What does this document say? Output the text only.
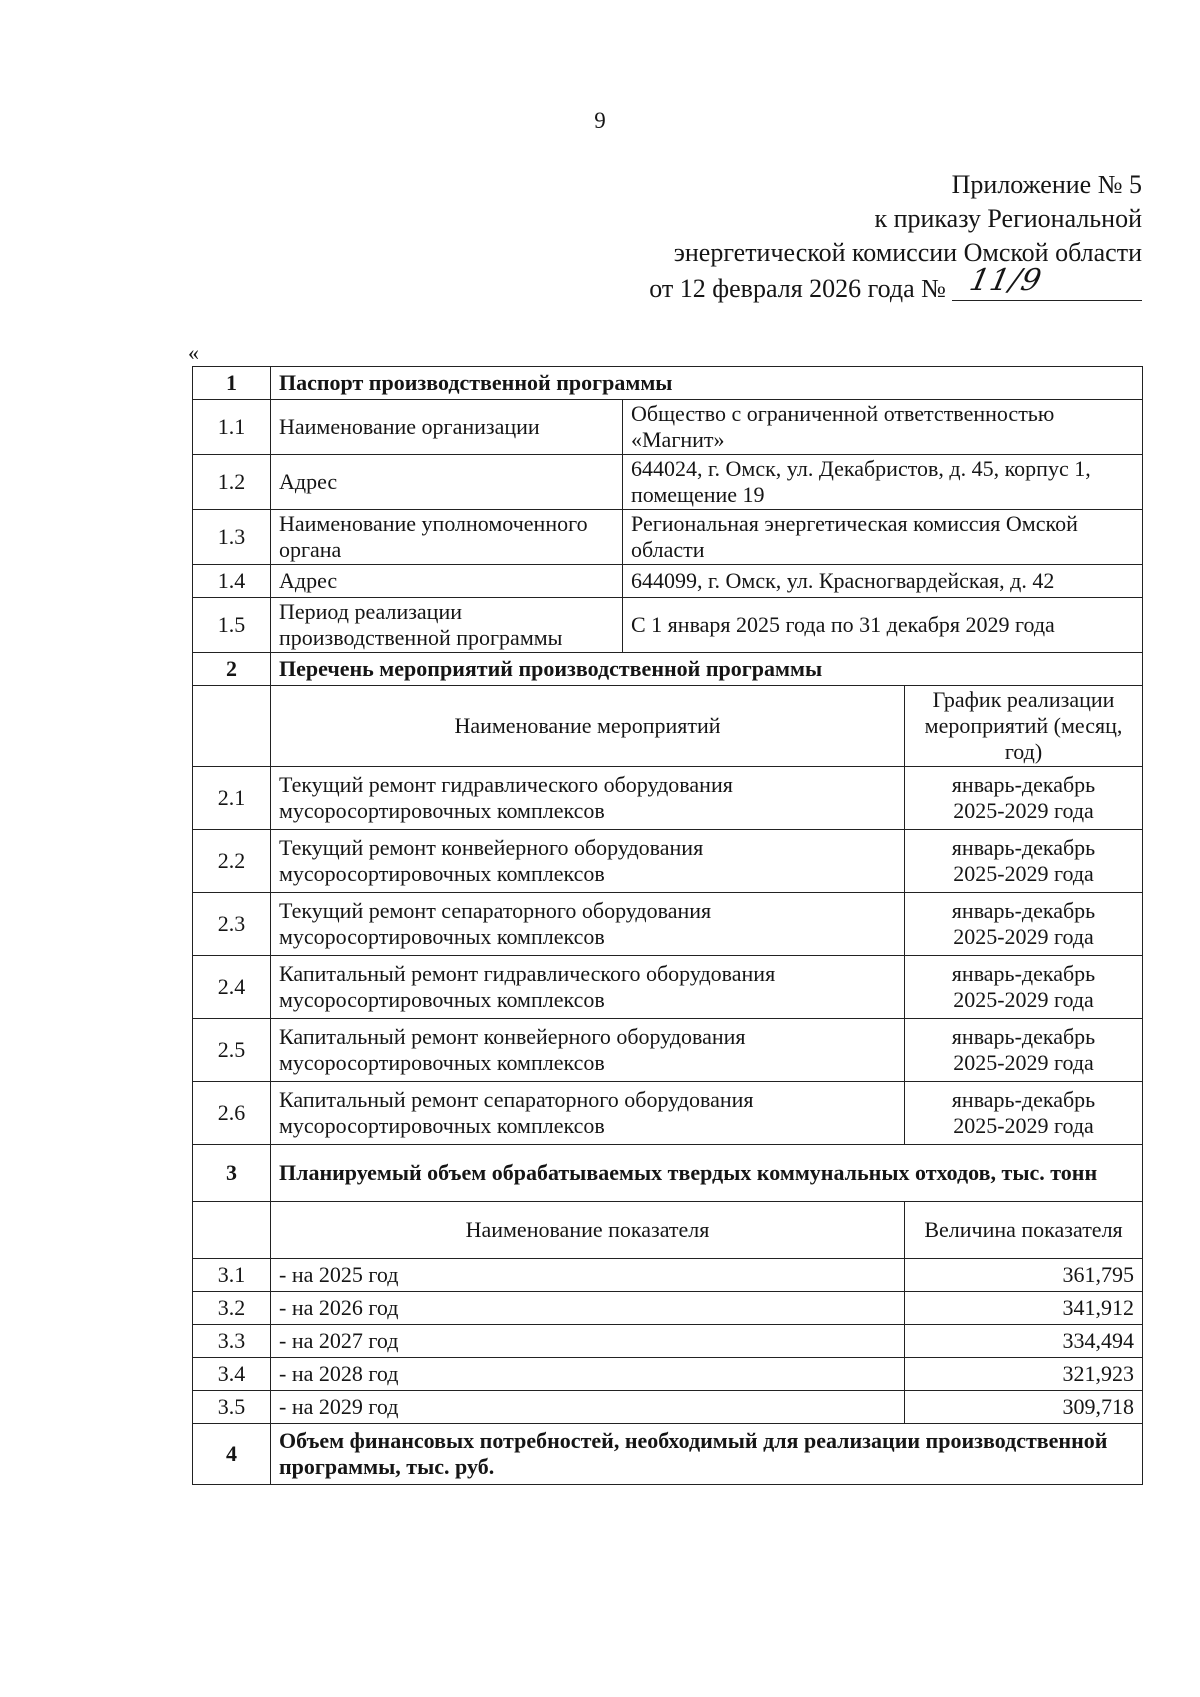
9
Приложение № 5
к приказу Региональной
энергетической комиссии Омской области
от 12 февраля 2026 года № 11/9
«
1	Паспорт производственной программы		
1.1	Наименование организации	Общество с ограниченной ответственностью «Магнит»	
1.2	Адрес	644024, г. Омск, ул. Декабристов, д. 45, корпус 1, помещение 19	
1.3	Наименование уполномоченного органа	Региональная энергетическая комиссия Омской области	
1.4	Адрес	644099, г. Омск, ул. Красногвардейская, д. 42	
1.5	Период реализации производственной программы	С 1 января 2025 года по 31 декабря 2029 года	
2	Перечень мероприятий производственной программы		
	Наименование мероприятий		График реализации мероприятий (месяц, год)
2.1	Текущий ремонт гидравлического оборудования мусоросортировочных комплексов		январь-декабрь
2025-2029 года

2.2	Текущий ремонт конвейерного оборудования мусоросортировочных комплексов		январь-декабрь
2025-2029 года

2.3	Текущий ремонт сепараторного оборудования мусоросортировочных комплексов		январь-декабрь
2025-2029 года

2.4	Капитальный ремонт гидравлического оборудования мусоросортировочных комплексов		январь-декабрь
2025-2029 года

2.5	Капитальный ремонт конвейерного оборудования мусоросортировочных комплексов		январь-декабрь
2025-2029 года

2.6	Капитальный ремонт сепараторного оборудования мусоросортировочных комплексов		январь-декабрь
2025-2029 года

3	Планируемый объем обрабатываемых твердых коммунальных отходов, тыс. тонн		
	Наименование показателя		Величина показателя
3.1	- на 2025 год		361,795
3.2	- на 2026 год		341,912
3.3	- на 2027 год		334,494
3.4	- на 2028 год		321,923
3.5	- на 2029 год		309,718
4	Объем финансовых потребностей, необходимый для реализации производственной программы, тыс. руб.		
